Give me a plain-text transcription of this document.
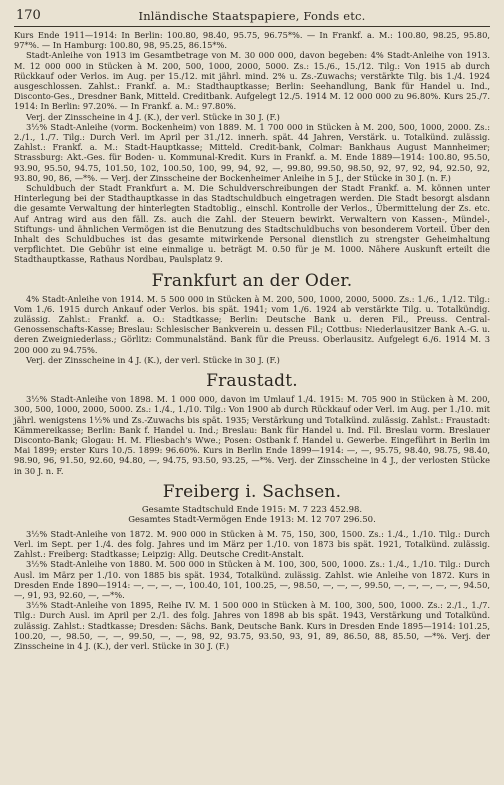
170	Inländische Staatspapiere, Fonds etc.

Kurs Ende 1911—1914: In Berlin: 100.80, 98.40, 95.75, 96.75*%. — In Frankf. a. M.: 100.80, 98.25, 95.80, 97*%. — In Hamburg: 100.80, 98, 95.25, 86.15*%.

Stadt-Anleihe von 1913 im Gesamtbetrage von M. 30 000 000, davon begeben: 4% Stadt-Anleihe von 1913. M. 12 000 000 in Stücken à M. 200, 500, 1000, 2000, 5000. Zs.: 15./6., 15./12. Tilg.: Von 1915 ab durch Rückkauf oder Verlos. im Aug. per 15./12. mit jährl. mind. 2% u. Zs.-Zuwachs; verstärkte Tilg. bis 1./4. 1924 ausgeschlossen. Zahlst.: Frankf. a. M.: Stadthauptkasse; Berlin: Seehandlung, Bank für Handel u. Ind., Disconto-Ges., Dresdner Bank, Mitteld. Creditbank. Aufgelegt 12./5. 1914 M. 12 000 000 zu 96.80%. Kurs 25./7. 1914: In Berlin: 97.20%. — In Frankf. a. M.: 97.80%.

Verj. der Zinsscheine in 4 J. (K.), der verl. Stücke in 30 J. (F.)

3½% Stadt-Anleihe (vorm. Bockenheim) von 1889. M. 1 700 000 in Stücken à M. 200, 500, 1000, 2000. Zs.: 2./1., 1./7. Tilg.: Durch Verl. im April per 31./12. innerh. spät. 44 Jahren, Verstärk. u. Totalkünd. zulässig. Zahlst.: Frankf. a. M.: Stadt-Hauptkasse; Mitteld. Credit-bank, Colmar: Bankhaus August Mannheimer; Strassburg: Akt.-Ges. für Boden- u. Kommunal-Kredit. Kurs in Frankf. a. M. Ende 1889—1914: 100.80, 95.50, 93.90, 95.50, 94.75, 101.50, 102, 100.50, 100, 99, 94, 92, —, 99.80, 99.50, 98.50, 92, 97, 92, 94, 92.50, 92, 93.80, 90, 86, —*%. — Verj. der Zinsscheine der Bockenheimer Anleihe in 5 J., der Stücke in 30 J. (n. F.)

Schuldbuch der Stadt Frankfurt a. M. Die Schuldverschreibungen der Stadt Frankf. a. M. können unter Hinterlegung bei der Stadthauptkasse in das Stadtschuldbuch eingetragen werden. Die Stadt besorgt alsdann die gesamte Verwaltung der hinterlegten Stadtoblig., einschl. Kontrolle der Verlos., Übermittelung der Zs. etc. Auf Antrag wird aus den fäll. Zs. auch die Zahl. der Steuern bewirkt. Verwaltern von Kassen-, Mündel-, Stiftungs- und ähnlichen Vermögen ist die Benutzung des Stadtschuldbuchs von besonderem Vorteil. Über den Inhalt des Schuldbuches ist das gesamte mitwirkende Personal dienstlich zu strengster Geheimhaltung verpflichtet. Die Gebühr ist eine einmalige u. beträgt M. 0.50 für je M. 1000. Nähere Auskunft erteilt die Stadthauptkasse, Rathaus Nordbau, Paulsplatz 9.

Frankfurt an der Oder.

4% Stadt-Anleihe von 1914. M. 5 500 000 in Stücken à M. 200, 500, 1000, 2000, 5000. Zs.: 1./6., 1./12. Tilg.: Vom 1./6. 1915 durch Ankauf oder Verlos. bis spät. 1941; vom 1./6. 1924 ab verstärkte Tilg. u. Totalkündig. zulässig. Zahlst.: Frankf. a. O.: Stadtkasse; Berlin: Deutsche Bank u. deren Fil., Preuss. Central-Genossenschafts-Kasse; Breslau: Schlesischer Bankverein u. dessen Fil.; Cottbus: Niederlausitzer Bank A.-G. u. deren Zweigniederlass.; Görlitz: Communalständ. Bank für die Preuss. Oberlausitz. Aufgelegt 6./6. 1914 M. 3 200 000 zu 94.75%.

Verj. der Zinsscheine in 4 J. (K.), der verl. Stücke in 30 J. (F.)

Fraustadt.

3½% Stadt-Anleihe von 1898. M. 1 000 000, davon im Umlauf 1./4. 1915: M. 705 900 in Stücken à M. 200, 300, 500, 1000, 2000, 5000. Zs.: 1./4., 1./10. Tilg.: Von 1900 ab durch Rückkauf oder Verl. im Aug. per 1./10. mit jährl. wenigstens 1½% und Zs.-Zuwachs bis spät. 1935; Verstärkung und Totalkünd. zulässig. Zahlst.: Fraustadt: Kämmereikasse; Berlin: Bank f. Handel u. Ind.; Breslau: Bank für Handel u. Ind. Fil. Breslau vorm. Breslauer Disconto-Bank; Glogau: H. M. Fliesbach's Wwe.; Posen: Ostbank f. Handel u. Gewerbe. Eingeführt in Berlin im Mai 1899; erster Kurs 10./5. 1899: 96.60%. Kurs in Berlin Ende 1899—1914: —, —, 95.75, 98.40, 98.75, 98.40, 98.90, 96, 91.50, 92.60, 94.80, —, 94.75, 93.50, 93.25, —*%. Verj. der Zinsscheine in 4 J., der verlosten Stücke in 30 J. n. F.

Freiberg i. Sachsen.

Gesamte Stadtschuld Ende 1915: M. 7 223 452.98.

Gesamtes Stadt-Vermögen Ende 1913: M. 12 707 296.50.

3½% Stadt-Anleihe von 1872. M. 900 000 in Stücken à M. 75, 150, 300, 1500. Zs.: 1./4., 1./10. Tilg.: Durch Verl. im Sept. per 1./4. des folg. Jahres und im März per 1./10. von 1873 bis spät. 1921, Totalkünd. zulässig. Zahlst.: Freiberg: Stadtkasse; Leipzig: Allg. Deutsche Credit-Anstalt.

3½% Stadt-Anleihe von 1880. M. 500 000 in Stücken à M. 100, 300, 500, 1000. Zs.: 1./4., 1./10. Tilg.: Durch Ausl. im März per 1./10. von 1885 bis spät. 1934, Totalkünd. zulässig. Zahlst. wie Anleihe von 1872. Kurs in Dresden Ende 1890—1914: —, —, —, —, 100.40, 101, 100.25, —, 98.50, —, —, —, 99.50, —, —, —, —, —, 94.50, —, 91, 93, 92.60, —, —*%.

3½% Stadt-Anleihe von 1895, Reihe IV. M. 1 500 000 in Stücken à M. 100, 300, 500, 1000. Zs.: 2./1., 1./7. Tilg.: Durch Ausl. im April per 2./1. des folg. Jahres von 1898 ab bis spät. 1943, Verstärkung und Totalkünd. zulässig. Zahlst.: Stadtkasse; Dresden: Sächs. Bank, Deutsche Bank. Kurs in Dresden Ende 1895—1914: 101.25, 100.20, —, 98.50, —, —, 99.50, —, —, 98, 92, 93.75, 93.50, 93, 91, 89, 86.50, 88, 85.50, —*%. Verj. der Zinsscheine in 4 J. (K.), der verl. Stücke in 30 J. (F.)
